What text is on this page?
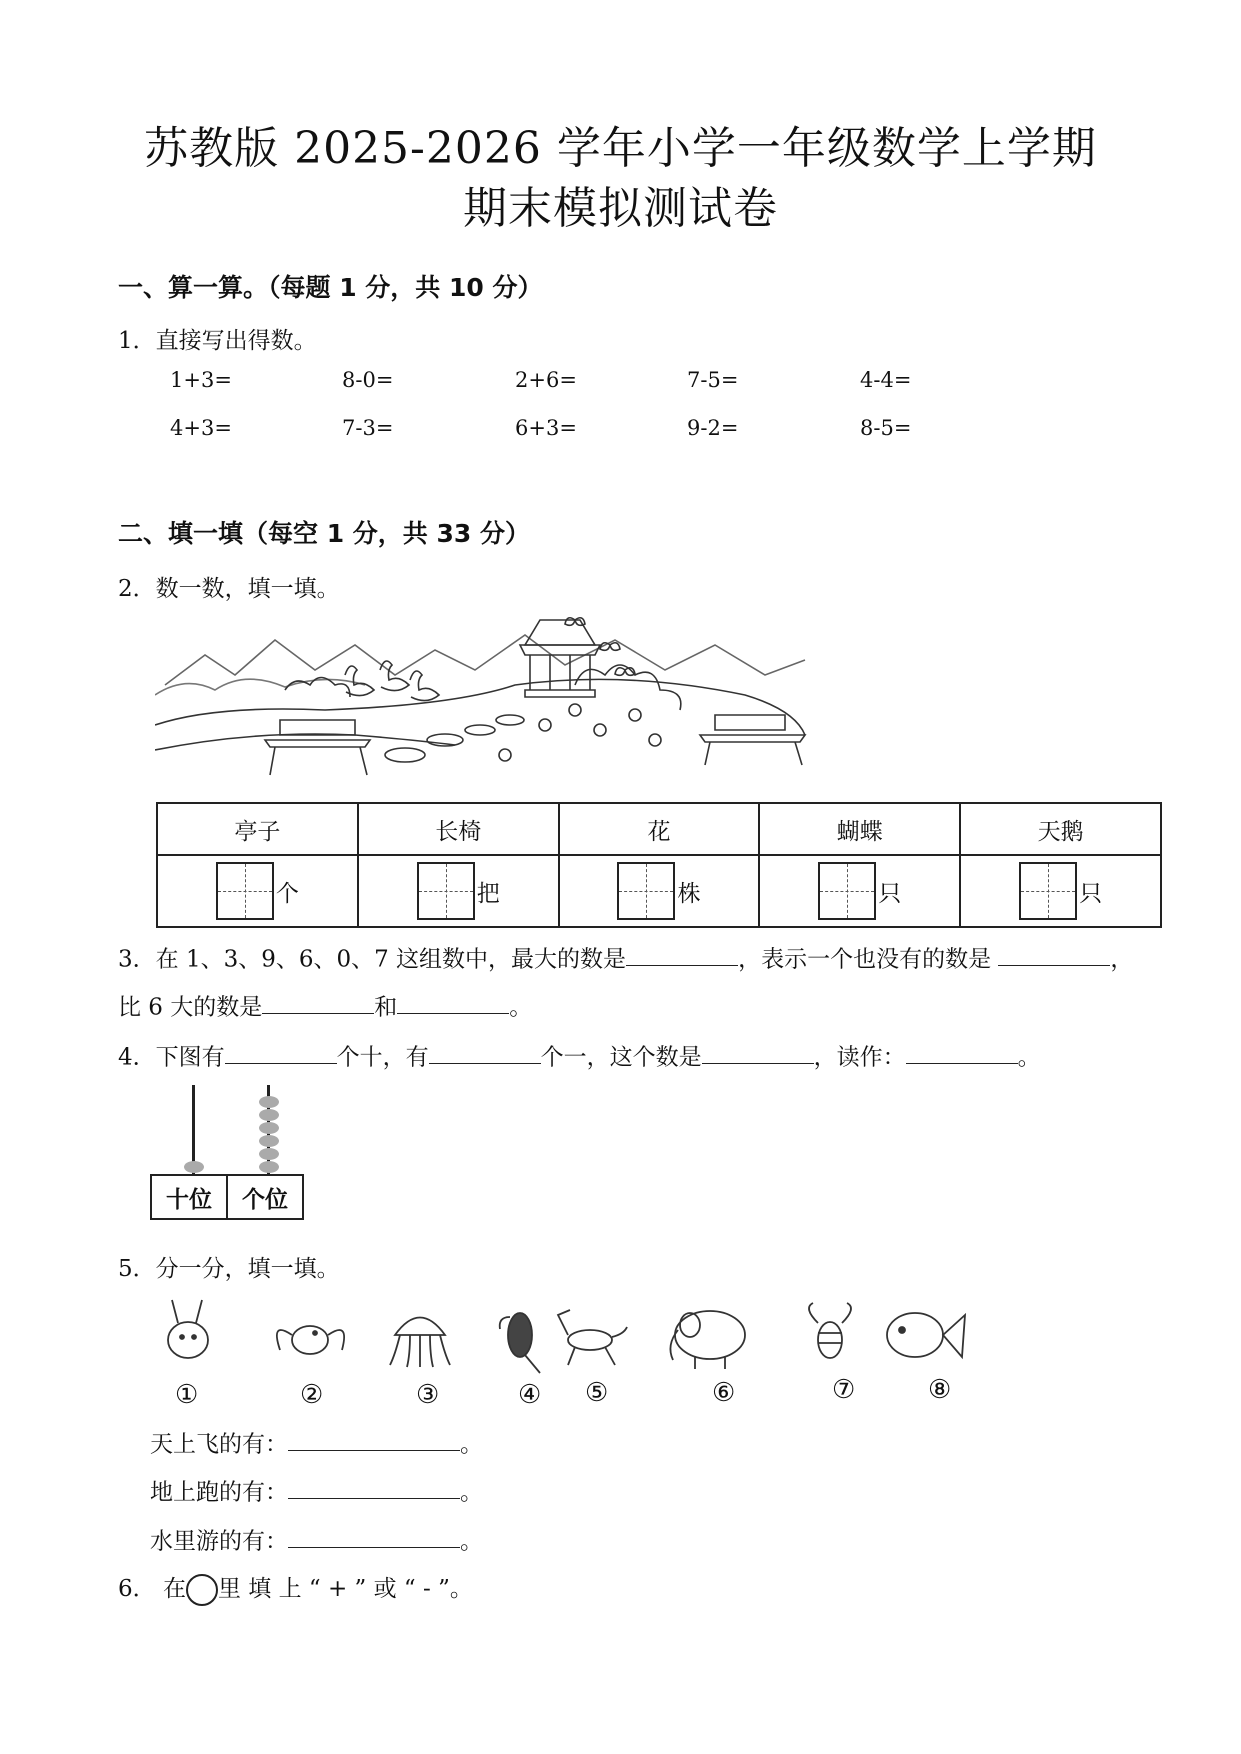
苏教版 2025-2026 学年小学一年级数学上学期
期末模拟测试卷
一、算一算。（每题 1 分，共 10 分）
1．直接写出得数。
1+3=	8-0=	2+6=	7-5=	4-4=
4+3=	7-3=	6+3=	9-2=	8-5=
二、填一填（每空 1 分，共 33 分）
2．数一数，填一填。
亭子	长椅	花	蝴蝶	天鹅
个	把	株	只	只
3．在 1、3、9、6、0、7 这组数中，最大的数是	，表示一个也没有的数是	，
比 6 大的数是	和	。
4．下图有	个十，有	个一，这个数是	，读作：	。
十位	个位
5．分一分，填一填。
①	②	③	④ ⑤	⑥	⑦	⑧
天上飞的有：	。
地上跑的有：	。
水里游的有：	。
6． 在 里 填 上 “ + ” 或 “ - ”。
